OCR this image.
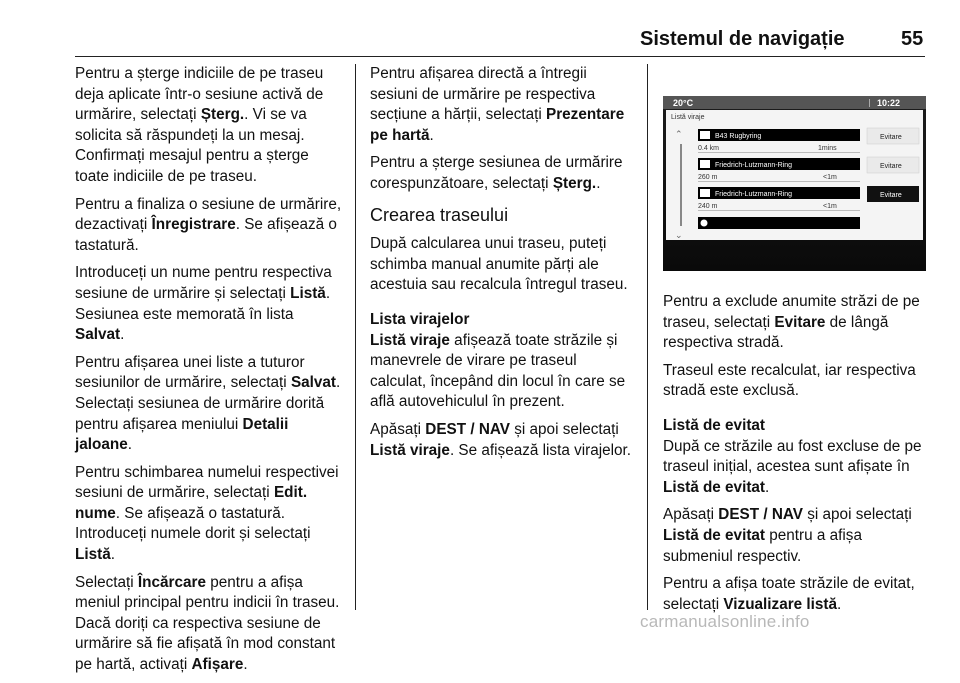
Sistemul de navigație	55

Pentru a șterge indiciile de pe traseu deja aplicate într-o sesiune activă de urmărire, selectați Șterg.. Vi se va solicita să răspundeți la un mesaj. Confirmați mesajul pentru a șterge toate indiciile de pe traseu.

Pentru a finaliza o sesiune de urmărire, dezactivați Înregistrare. Se afișează o tastatură.

Introduceți un nume pentru respectiva sesiune de urmărire și selectați Listă. Sesiunea este memorată în lista Salvat.

Pentru afișarea unei liste a tuturor sesiunilor de urmărire, selectați Salvat. Selectați sesiunea de urmărire dorită pentru afișarea meniului Detalii jaloane.

Pentru schimbarea numelui respectivei sesiuni de urmărire, selectați Edit. nume. Se afișează o tastatură. Introduceți numele dorit și selectați Listă.

Selectați Încărcare pentru a afișa meniul principal pentru indicii în traseu. Dacă doriți ca respectiva sesiune de urmărire să fie afișată în mod constant pe hartă, activați Afișare.

Pentru afișarea directă a întregii sesiuni de urmărire pe respectiva secțiune a hărții, selectați Prezentare pe hartă.

Pentru a șterge sesiunea de urmărire corespunzătoare, selectați Șterg..

Crearea traseului

După calcularea unui traseu, puteți schimba manual anumite părți ale acestuia sau recalcula întregul traseu.

Lista virajelor

Listă viraje afișează toate străzile și manevrele de virare pe traseul calculat, începând din locul în care se află autovehiculul în prezent.

Apăsați DEST / NAV și apoi selectați Listă viraje. Se afișează lista virajelor.

20°C	10:22
Listă viraje
⌃
⌄
B43 Rugbyring
0.4 km	1mins
Evitare
Friedrich-Lutzmann-Ring
260 m	<1m
Evitare
Friedrich-Lutzmann-Ring
240 m	<1m
Evitare

Pentru a exclude anumite străzi de pe traseu, selectați Evitare de lângă respectiva stradă.

Traseul este recalculat, iar respectiva stradă este exclusă.

Listă de evitat

După ce străzile au fost excluse de pe traseul inițial, acestea sunt afișate în Listă de evitat.

Apăsați DEST / NAV și apoi selectați Listă de evitat pentru a afișa submeniul respectiv.

Pentru a afișa toate străzile de evitat, selectați Vizualizare listă.

carmanualsonline.info
